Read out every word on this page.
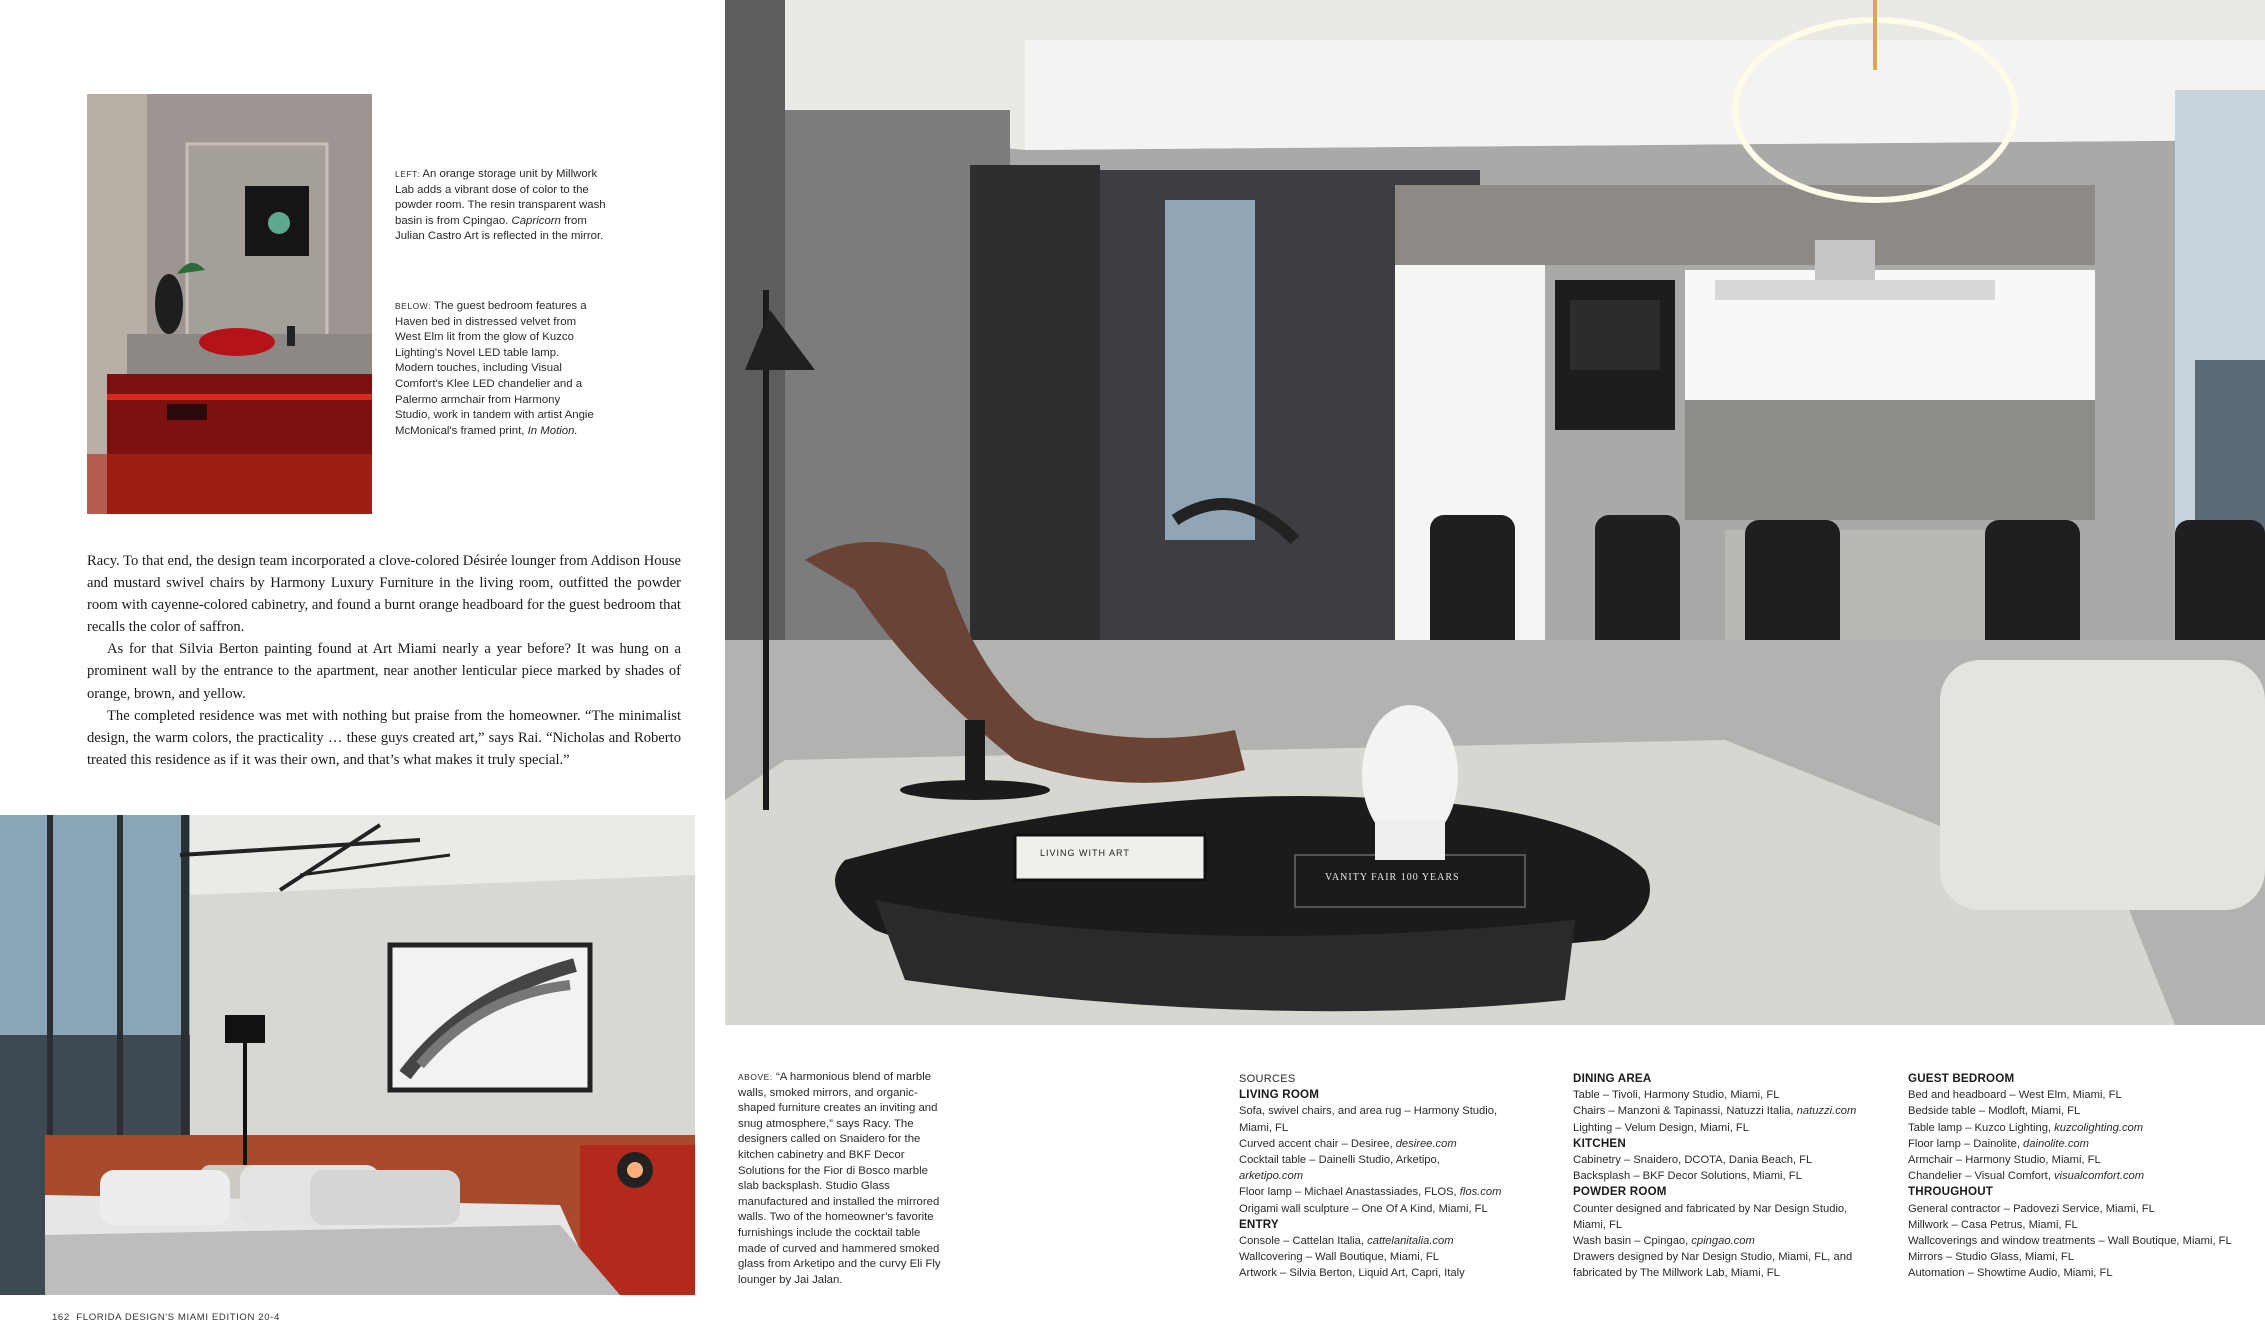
LEFT: An orange storage unit by Millwork Lab adds a vibrant dose of color to the powder room. The resin transparent wash basin is from Cpingao. Capricorn from Julian Castro Art is reflected in the mirror.
BELOW: The guest bedroom features a Haven bed in distressed velvet from West Elm lit from the glow of Kuzco Lighting's Novel LED table lamp. Modern touches, including Visual Comfort's Klee LED chandelier and a Palermo armchair from Harmony Studio, work in tandem with artist Angie McMonical's framed print, In Motion.

Racy. To that end, the design team incorporated a clove-colored Désirée lounger from Addison House and mustard swivel chairs by Harmony Luxury Furniture in the living room, outfitted the powder room with cayenne-colored cabinetry, and found a burnt orange headboard for the guest bedroom that recalls the color of saffron.

As for that Silvia Berton painting found at Art Miami nearly a year before? It was hung on a prominent wall by the entrance to the apartment, near another lenticular piece marked by shades of orange, brown, and yellow.

The completed residence was met with nothing but praise from the homeowner. “The minimalist design, the warm colors, the practicality … these guys created art,” says Rai. “Nicholas and Roberto treated this residence as if it was their own, and that’s what makes it truly special.”

LIVING WITH ART
VANITY FAIR 100 YEARS
ABOVE: “A harmonious blend of marble walls, smoked mirrors, and organic-shaped furniture creates an inviting and snug atmosphere,” says Racy. The designers called on Snaidero for the kitchen cabinetry and BKF Decor Solutions for the Fior di Bosco marble slab backsplash. Studio Glass manufactured and installed the mirrored walls. Two of the homeowner’s favorite furnishings include the cocktail table made of curved and hammered smoked glass from Arketipo and the curvy Eli Fly lounger by Jai Jalan.
SOURCES
LIVING ROOM
Sofa, swivel chairs, and area rug – Harmony Studio,
Miami, FL
Curved accent chair – Desiree, desiree.com
Cocktail table – Dainelli Studio, Arketipo,
arketipo.com
Floor lamp – Michael Anastassiades, FLOS, flos.com
Origami wall sculpture – One Of A Kind, Miami, FL
ENTRY
Console – Cattelan Italia, cattelanitalia.com
Wallcovering – Wall Boutique, Miami, FL
Artwork – Silvia Berton, Liquid Art, Capri, Italy
DINING AREA
Table – Tivoli, Harmony Studio, Miami, FL
Chairs – Manzoni & Tapinassi, Natuzzi Italia, natuzzi.com
Lighting – Velum Design, Miami, FL
KITCHEN
Cabinetry – Snaidero, DCOTA, Dania Beach, FL
Backsplash – BKF Decor Solutions, Miami, FL
POWDER ROOM
Counter designed and fabricated by Nar Design Studio,
Miami, FL
Wash basin – Cpingao, cpingao.com
Drawers designed by Nar Design Studio, Miami, FL, and
fabricated by The Millwork Lab, Miami, FL
GUEST BEDROOM
Bed and headboard – West Elm, Miami, FL
Bedside table – Modloft, Miami, FL
Table lamp – Kuzco Lighting, kuzcolighting.com
Floor lamp – Dainolite, dainolite.com
Armchair – Harmony Studio, Miami, FL
Chandelier – Visual Comfort, visualcomfort.com
THROUGHOUT
General contractor – Padovezi Service, Miami, FL
Millwork – Casa Petrus, Miami, FL
Wallcoverings and window treatments – Wall Boutique, Miami, FL
Mirrors – Studio Glass, Miami, FL
Automation – Showtime Audio, Miami, FL
162 FLORIDA DESIGN'S MIAMI EDITION 20-4
